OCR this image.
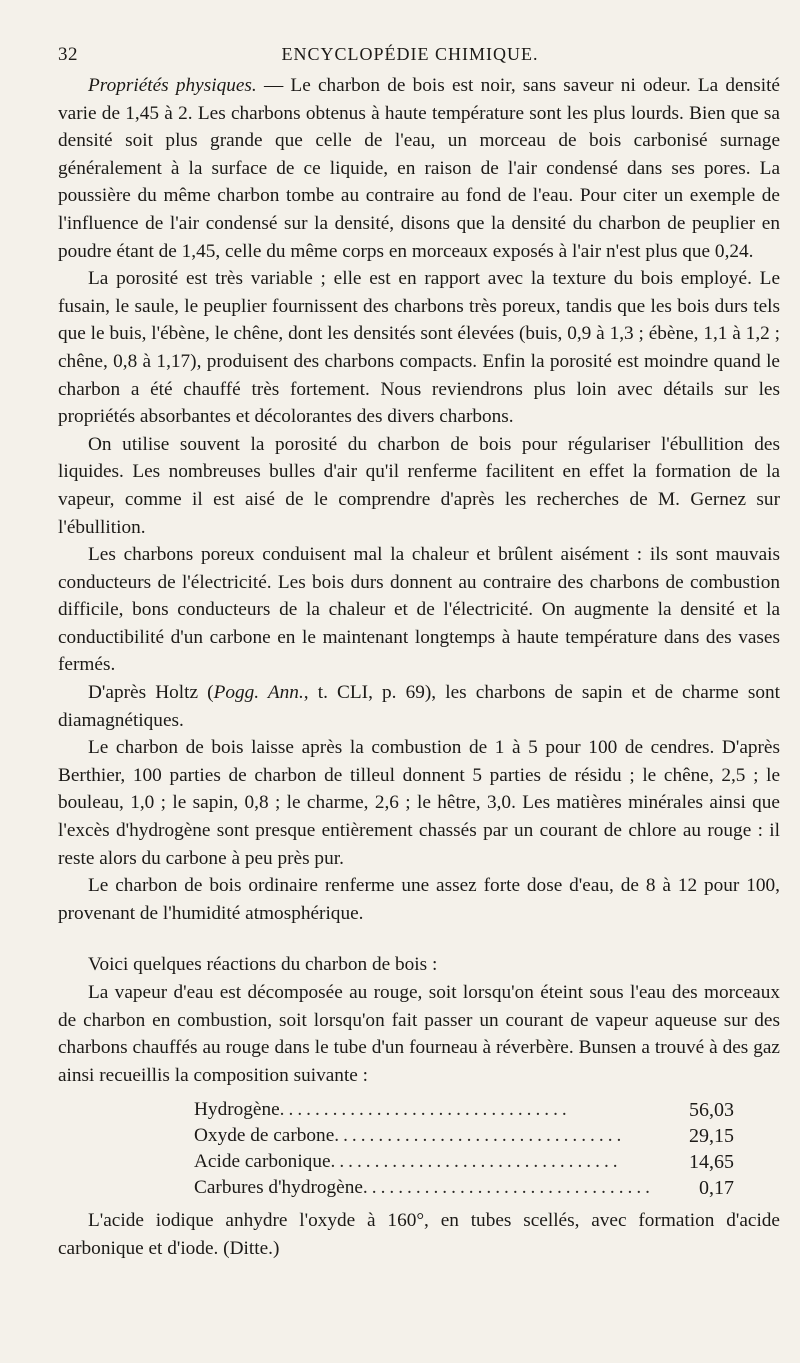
32	ENCYCLOPÉDIE CHIMIQUE.

Propriétés physiques. — Le charbon de bois est noir, sans saveur ni odeur. La densité varie de 1,45 à 2. Les charbons obtenus à haute température sont les plus lourds. Bien que sa densité soit plus grande que celle de l'eau, un morceau de bois carbonisé surnage généralement à la surface de ce liquide, en raison de l'air condensé dans ses pores. La poussière du même charbon tombe au contraire au fond de l'eau. Pour citer un exemple de l'influence de l'air condensé sur la densité, disons que la densité du charbon de peuplier en poudre étant de 1,45, celle du même corps en morceaux exposés à l'air n'est plus que 0,24.

La porosité est très variable ; elle est en rapport avec la texture du bois employé. Le fusain, le saule, le peuplier fournissent des charbons très poreux, tandis que les bois durs tels que le buis, l'ébène, le chêne, dont les densités sont élevées (buis, 0,9 à 1,3 ; ébène, 1,1 à 1,2 ; chêne, 0,8 à 1,17), produisent des charbons compacts. Enfin la porosité est moindre quand le charbon a été chauffé très fortement. Nous reviendrons plus loin avec détails sur les propriétés absorbantes et décolorantes des divers charbons.

On utilise souvent la porosité du charbon de bois pour régulariser l'ébullition des liquides. Les nombreuses bulles d'air qu'il renferme facilitent en effet la formation de la vapeur, comme il est aisé de le comprendre d'après les recherches de M. Gernez sur l'ébullition.

Les charbons poreux conduisent mal la chaleur et brûlent aisément : ils sont mauvais conducteurs de l'électricité. Les bois durs donnent au contraire des charbons de combustion difficile, bons conducteurs de la chaleur et de l'électricité. On augmente la densité et la conductibilité d'un carbone en le maintenant longtemps à haute température dans des vases fermés.

D'après Holtz (Pogg. Ann., t. CLI, p. 69), les charbons de sapin et de charme sont diamagnétiques.

Le charbon de bois laisse après la combustion de 1 à 5 pour 100 de cendres. D'après Berthier, 100 parties de charbon de tilleul donnent 5 parties de résidu ; le chêne, 2,5 ; le bouleau, 1,0 ; le sapin, 0,8 ; le charme, 2,6 ; le hêtre, 3,0. Les matières minérales ainsi que l'excès d'hydrogène sont presque entièrement chassés par un courant de chlore au rouge : il reste alors du carbone à peu près pur.

Le charbon de bois ordinaire renferme une assez forte dose d'eau, de 8 à 12 pour 100, provenant de l'humidité atmosphérique.

Voici quelques réactions du charbon de bois :

La vapeur d'eau est décomposée au rouge, soit lorsqu'on éteint sous l'eau des morceaux de charbon en combustion, soit lorsqu'on fait passer un courant de vapeur aqueuse sur des charbons chauffés au rouge dans le tube d'un fourneau à réverbère. Bunsen a trouvé à des gaz ainsi recueillis la composition suivante :

Hydrogène.................................	56,03
Oxyde de carbone.................................	29,15
Acide carbonique.................................	14,65
Carbures d'hydrogène.................................	0,17

L'acide iodique anhydre l'oxyde à 160°, en tubes scellés, avec formation d'acide carbonique et d'iode. (Ditte.)
